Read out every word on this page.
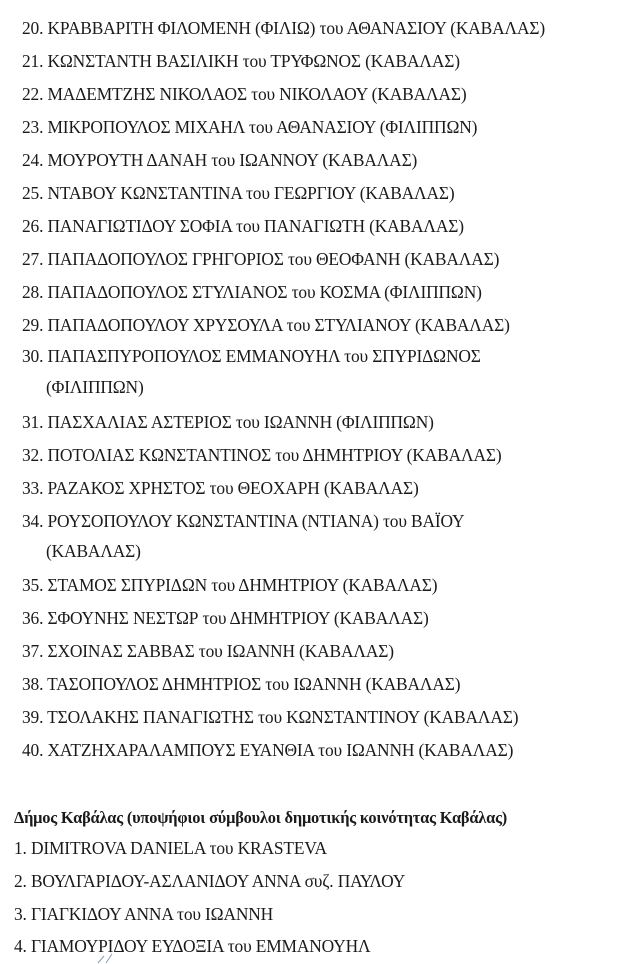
20. ΚΡΑΒΒΑΡΙΤΗ ΦΙΛΟΜΕΝΗ (ΦΙΛΙΩ) του ΑΘΑΝΑΣΙΟΥ (ΚΑΒΑΛΑΣ)
21. ΚΩΝΣΤΑΝΤΗ ΒΑΣΙΛΙΚΗ του ΤΡΥΦΩΝΟΣ (ΚΑΒΑΛΑΣ)
22. ΜΑΔΕΜΤΖΗΣ ΝΙΚΟΛΑΟΣ του ΝΙΚΟΛΑΟΥ (ΚΑΒΑΛΑΣ)
23. ΜΙΚΡΟΠΟΥΛΟΣ ΜΙΧΑΗΛ του ΑΘΑΝΑΣΙΟΥ (ΦΙΛΙΠΠΩΝ)
24. ΜΟΥΡΟΥΤΗ ΔΑΝΑΗ του ΙΩΑΝΝΟΥ (ΚΑΒΑΛΑΣ)
25. ΝΤΑΒΟΥ ΚΩΝΣΤΑΝΤΙΝΑ του ΓΕΩΡΓΙΟΥ (ΚΑΒΑΛΑΣ)
26. ΠΑΝΑΓΙΩΤΙΔΟΥ ΣΟΦΙΑ του ΠΑΝΑΓΙΩΤΗ (ΚΑΒΑΛΑΣ)
27. ΠΑΠΑΔΟΠΟΥΛΟΣ ΓΡΗΓΟΡΙΟΣ του ΘΕΟΦΑΝΗ (ΚΑΒΑΛΑΣ)
28. ΠΑΠΑΔΟΠΟΥΛΟΣ ΣΤΥΛΙΑΝΟΣ του ΚΟΣΜΑ (ΦΙΛΙΠΠΩΝ)
29. ΠΑΠΑΔΟΠΟΥΛΟΥ ΧΡΥΣΟΥΛΑ του ΣΤΥΛΙΑΝΟΥ (ΚΑΒΑΛΑΣ)
30. ΠΑΠΑΣΠΥΡΟΠΟΥΛΟΣ ΕΜΜΑΝΟΥΗΛ του ΣΠΥΡΙΔΩΝΟΣ
(ΦΙΛΙΠΠΩΝ)
31. ΠΑΣΧΑΛΙΑΣ ΑΣΤΕΡΙΟΣ του ΙΩΑΝΝΗ (ΦΙΛΙΠΠΩΝ)
32. ΠΟΤΟΛΙΑΣ ΚΩΝΣΤΑΝΤΙΝΟΣ του ΔΗΜΗΤΡΙΟΥ (ΚΑΒΑΛΑΣ)
33. ΡΑΖΑΚΟΣ ΧΡΗΣΤΟΣ του ΘΕΟΧΑΡΗ (ΚΑΒΑΛΑΣ)
34. ΡΟΥΣΟΠΟΥΛΟΥ ΚΩΝΣΤΑΝΤΙΝΑ (ΝΤΙΑΝΑ) του ΒΑΪΟΥ
(ΚΑΒΑΛΑΣ)
35. ΣΤΑΜΟΣ ΣΠΥΡΙΔΩΝ του ΔΗΜΗΤΡΙΟΥ (ΚΑΒΑΛΑΣ)
36. ΣΦΟΥΝΗΣ ΝΕΣΤΩΡ του ΔΗΜΗΤΡΙΟΥ (ΚΑΒΑΛΑΣ)
37. ΣΧΟΙΝΑΣ ΣΑΒΒΑΣ του ΙΩΑΝΝΗ (ΚΑΒΑΛΑΣ)
38. ΤΑΣΟΠΟΥΛΟΣ ΔΗΜΗΤΡΙΟΣ του ΙΩΑΝΝΗ (ΚΑΒΑΛΑΣ)
39. ΤΣΟΛΑΚΗΣ ΠΑΝΑΓΙΩΤΗΣ του ΚΩΝΣΤΑΝΤΙΝΟΥ (ΚΑΒΑΛΑΣ)
40. ΧΑΤΖΗΧΑΡΑΛΑΜΠΟΥΣ ΕΥΑΝΘΙΑ του ΙΩΑΝΝΗ (ΚΑΒΑΛΑΣ)
Δήμος Καβάλας (υποψήφιοι σύμβουλοι δημοτικής κοινότητας Καβάλας)
1. DIMITROVA DANIELA του KRASTEVA
2. ΒΟΥΛΓΑΡΙΔΟΥ-ΑΣΛΑΝΙΔΟΥ ΑΝΝΑ συζ. ΠΑΥΛΟΥ
3. ΓΙΑΓΚΙΔΟΥ ΑΝΝΑ του ΙΩΑΝΝΗ
4. ΓΙΑΜΟΥΡΙΔΟΥ ΕΥΔΟΞΙΑ του ΕΜΜΑΝΟΥΗΛ
